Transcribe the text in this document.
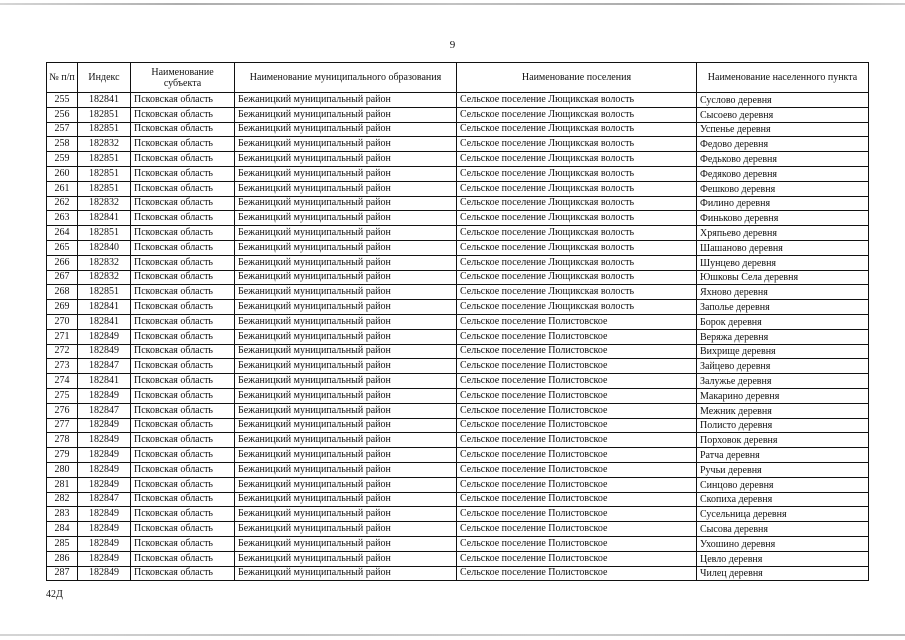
9
№ п/п	Индекс	Наименование субъекта	Наименование муниципального образования	Наименование поселения	Наименование населенного пункта
255	182841	Псковская область	Бежаницкий муниципальный район	Сельское поселение Лющикская волость	Суслово деревня
256	182851	Псковская область	Бежаницкий муниципальный район	Сельское поселение Лющикская волость	Сысоево деревня
257	182851	Псковская область	Бежаницкий муниципальный район	Сельское поселение Лющикская волость	Успенье деревня
258	182832	Псковская область	Бежаницкий муниципальный район	Сельское поселение Лющикская волость	Федово деревня
259	182851	Псковская область	Бежаницкий муниципальный район	Сельское поселение Лющикская волость	Федьково деревня
260	182851	Псковская область	Бежаницкий муниципальный район	Сельское поселение Лющикская волость	Федяково деревня
261	182851	Псковская область	Бежаницкий муниципальный район	Сельское поселение Лющикская волость	Фешково деревня
262	182832	Псковская область	Бежаницкий муниципальный район	Сельское поселение Лющикская волость	Филино деревня
263	182841	Псковская область	Бежаницкий муниципальный район	Сельское поселение Лющикская волость	Финьково деревня
264	182851	Псковская область	Бежаницкий муниципальный район	Сельское поселение Лющикская волость	Хряпьево деревня
265	182840	Псковская область	Бежаницкий муниципальный район	Сельское поселение Лющикская волость	Шашаново деревня
266	182832	Псковская область	Бежаницкий муниципальный район	Сельское поселение Лющикская волость	Шунцево деревня
267	182832	Псковская область	Бежаницкий муниципальный район	Сельское поселение Лющикская волость	Юшковы Села деревня
268	182851	Псковская область	Бежаницкий муниципальный район	Сельское поселение Лющикская волость	Яхново деревня
269	182841	Псковская область	Бежаницкий муниципальный район	Сельское поселение Лющикская волость	Заполье деревня
270	182841	Псковская область	Бежаницкий муниципальный район	Сельское поселение Полистовское	Борок деревня
271	182849	Псковская область	Бежаницкий муниципальный район	Сельское поселение Полистовское	Веряжа деревня
272	182849	Псковская область	Бежаницкий муниципальный район	Сельское поселение Полистовское	Вихрище деревня
273	182847	Псковская область	Бежаницкий муниципальный район	Сельское поселение Полистовское	Зайцево деревня
274	182841	Псковская область	Бежаницкий муниципальный район	Сельское поселение Полистовское	Залужье деревня
275	182849	Псковская область	Бежаницкий муниципальный район	Сельское поселение Полистовское	Макарино деревня
276	182847	Псковская область	Бежаницкий муниципальный район	Сельское поселение Полистовское	Межник деревня
277	182849	Псковская область	Бежаницкий муниципальный район	Сельское поселение Полистовское	Полисто деревня
278	182849	Псковская область	Бежаницкий муниципальный район	Сельское поселение Полистовское	Порховок деревня
279	182849	Псковская область	Бежаницкий муниципальный район	Сельское поселение Полистовское	Ратча деревня
280	182849	Псковская область	Бежаницкий муниципальный район	Сельское поселение Полистовское	Ручьи деревня
281	182849	Псковская область	Бежаницкий муниципальный район	Сельское поселение Полистовское	Синцово деревня
282	182847	Псковская область	Бежаницкий муниципальный район	Сельское поселение Полистовское	Скопиха деревня
283	182849	Псковская область	Бежаницкий муниципальный район	Сельское поселение Полистовское	Сусельница деревня
284	182849	Псковская область	Бежаницкий муниципальный район	Сельское поселение Полистовское	Сысова деревня
285	182849	Псковская область	Бежаницкий муниципальный район	Сельское поселение Полистовское	Ухошино деревня
286	182849	Псковская область	Бежаницкий муниципальный район	Сельское поселение Полистовское	Цевло деревня
287	182849	Псковская область	Бежаницкий муниципальный район	Сельское поселение Полистовское	Чилец деревня
42Д
